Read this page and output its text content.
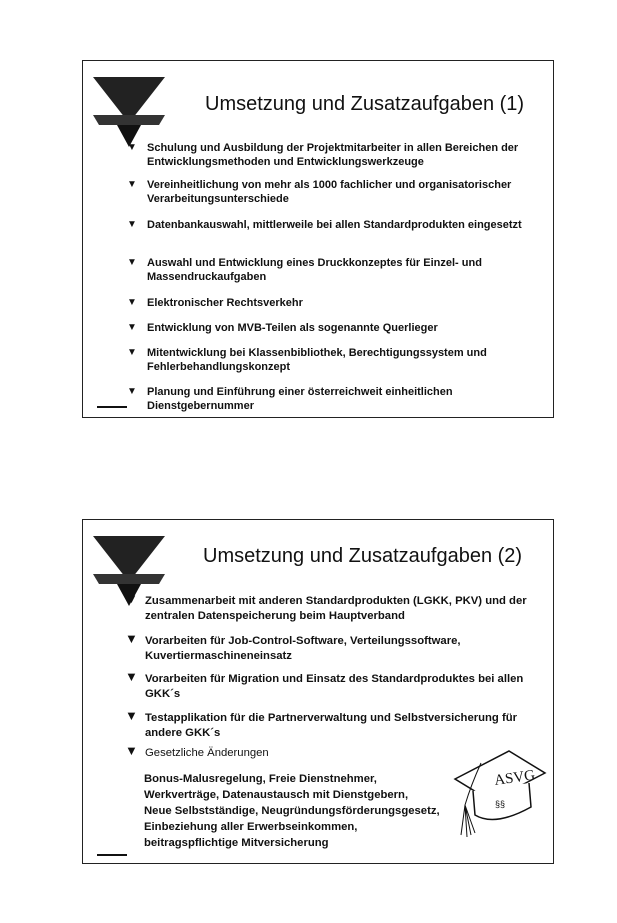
Umsetzung und Zusatzaufgaben (1)
▼ Schulung und Ausbildung der Projektmitarbeiter in allen Bereichen der Entwicklungsmethoden und Entwicklungswerkzeuge
▼ Vereinheitlichung von mehr als 1000 fachlicher und organisatorischer Verarbeitungsunterschiede
▼ Datenbankauswahl, mittlerweile bei allen Standardprodukten eingesetzt
▼ Auswahl und Entwicklung eines Druckkonzeptes für Einzel- und Massendruckaufgaben
▼ Elektronischer Rechtsverkehr
▼ Entwicklung von MVB-Teilen als sogenannte Querlieger
▼ Mitentwicklung bei Klassenbibliothek, Berechtigungssystem und Fehlerbehandlungskonzept
▼ Planung und Einführung einer österreichweit einheitlichen Dienstgebernummer
Umsetzung und Zusatzaufgaben (2)
▼ Zusammenarbeit mit anderen Standardprodukten (LGKK, PKV) und der zentralen Datenspeicherung beim Hauptverband
▼ Vorarbeiten für Job-Control-Software, Verteilungssoftware, Kuvertiermaschineneinsatz
▼ Vorarbeiten für Migration und Einsatz des Standardproduktes bei allen GKK´s
▼ Testapplikation für die Partnerverwaltung und Selbstversicherung für andere GKK´s
▼ Gesetzliche Änderungen
Bonus-Malusregelung, Freie Dienstnehmer,
Werkverträge, Datenaustausch mit Dienstgebern,
Neue Selbstständige, Neugründungsförderungsgesetz,
Einbeziehung aller Erwerbseinkommen,
beitragspflichtige Mitversicherung
ASVG
§§
